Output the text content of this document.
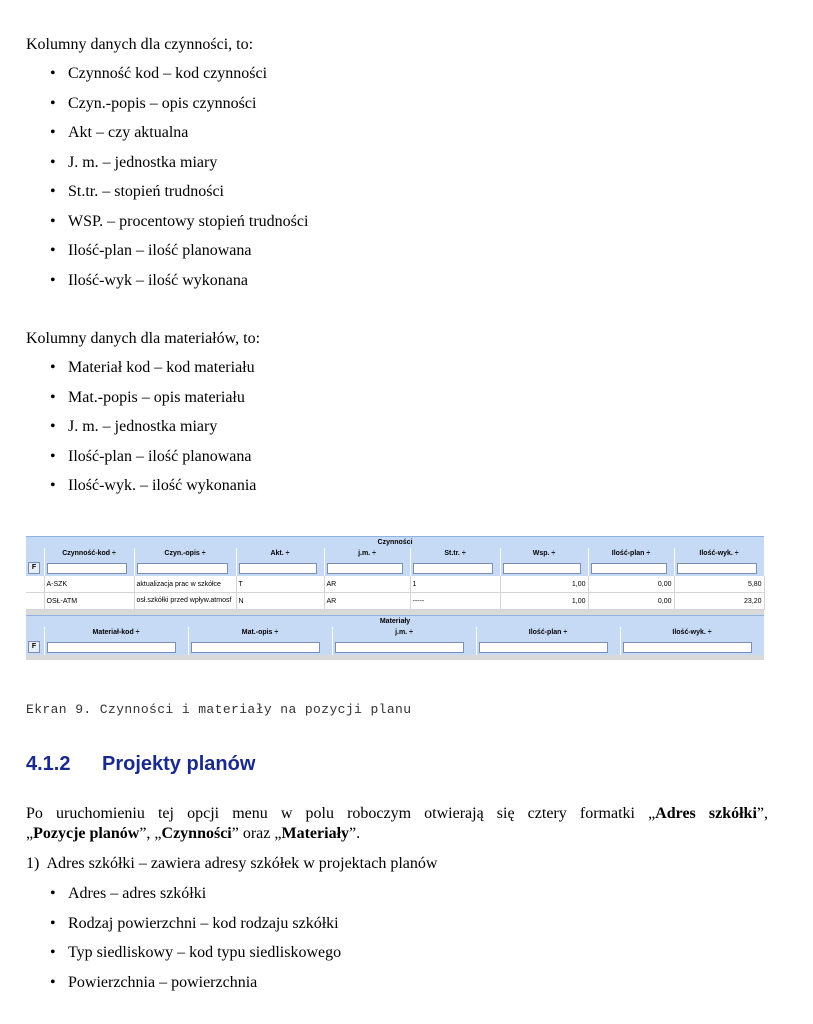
Kolumny danych dla czynności, to:

• Czynność kod – kod czynności
• Czyn.-popis – opis czynności
• Akt – czy aktualna
• J. m. – jednostka miary
• St.tr. – stopień trudności
• WSP. – procentowy stopień trudności
• Ilość-plan – ilość planowana
• Ilość-wyk – ilość wykonana

Kolumny danych dla materiałów, to:

• Materiał kod – kod materiału
• Mat.-popis – opis materiału
• J. m. – jednostka miary
• Ilość-plan – ilość planowana
• Ilość-wyk. – ilość wykonania
Czynności								
	Czynność-kod ÷	Czyn.-opis ÷	Akt. ÷	j.m. ÷	St.tr. ÷	Wsp. ÷	Ilość-plan ÷	Ilość-wyk. ÷
F								
	A-SZK	aktualizacja prac w szkółce	T	AR	1	1,00	0,00	5,80
	OSŁ-ATM	osł.szkółki przed wpływ.atmosf	N	AR	-----	1,00	0,00	23,20

Materiały					
	Materiał-kod ÷	Mat.-opis ÷	j.m. ÷	Ilość-plan ÷	Ilość-wyk. ÷
F					

Ekran 9. Czynności i materiały na pozycji planu
4.1.2 Projekty planów

Po uruchomieniu tej opcji menu w polu roboczym otwierają się cztery formatki „Adres szkółki”,

„Pozycje planów”, „Czynności” oraz „Materiały”.

1)  Adres szkółki – zawiera adresy szkółek w projektach planów

• Adres – adres szkółki
• Rodzaj powierzchni – kod rodzaju szkółki
• Typ siedliskowy – kod typu siedliskowego
• Powierzchnia – powierzchnia
